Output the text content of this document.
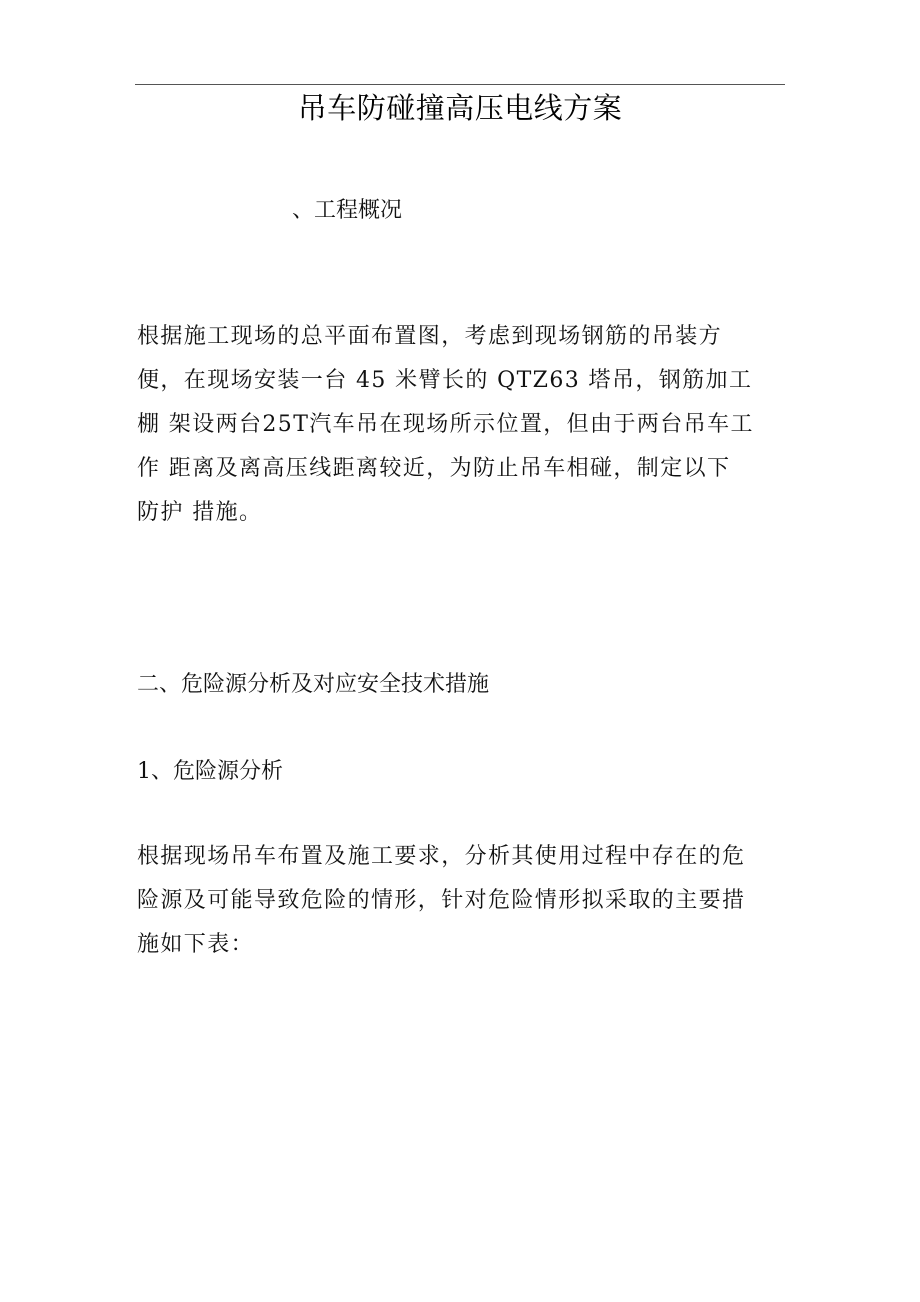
吊车防碰撞高压电线方案
、工程概况
根据施工现场的总平面布置图，考虑到现场钢筋的吊装方
便，在现场安装一台 45 米臂长的 QTZ63 塔吊，钢筋加工
棚 架设两台25T汽车吊在现场所示位置，但由于两台吊车工
作 距离及离高压线距离较近，为防止吊车相碰，制定以下
防护 措施。
二、危险源分析及对应安全技术措施
1、危险源分析
根据现场吊车布置及施工要求，分析其使用过程中存在的危
险源及可能导致危险的情形，针对危险情形拟采取的主要措
施如下表：
